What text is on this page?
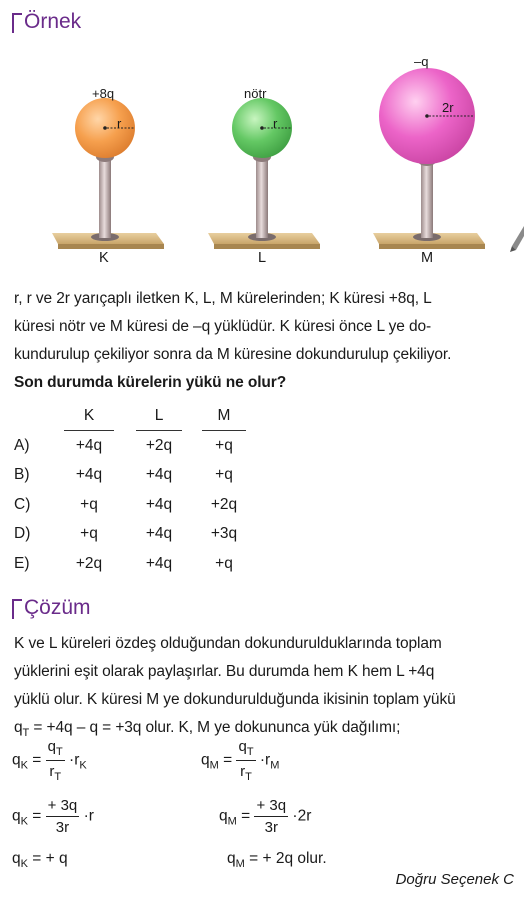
Örnek
+8q
r
K
nötr
r
L
–q
2r
M
r, r ve 2r yarıçaplı iletken K, L, M kürelerinden; K küresi +8q, L
küresi nötr ve M küresi de –q yüklüdür. K küresi önce L ye do-
kundurulup çekiliyor sonra da M küresine dokundurulup çekiliyor.
Son durumda kürelerin yükü ne olur?
	K		L		M
A)	+4q		+2q		+q
B)	+4q		+4q		+q
C)	+q		+4q		+2q
D)	+q		+4q		+3q
E)	+2q		+4q		+q
Çözüm
K ve L küreleri özdeş olduğundan dokundurulduklarında toplam
yüklerini eşit olarak paylaşırlar. Bu durumda hem K hem L +4q
yüklü olur. K küresi M ye dokundurulduğunda ikisinin toplam yükü
$q_T = +4q - q = +3q$ olur. K, M ye dokununca yük dağılımı;
$q_K = \frac{q_T}{r_T} \cdot r_K$	$q_M = \frac{q_T}{r_T} \cdot r_M$
$q_K = \frac{+ 3q}{3r} \cdot r$	$q_M = \frac{+ 3q}{3r} \cdot 2r$
$q_K$ = + q	$q_M$ = + 2q olur.
Doğru Seçenek C
